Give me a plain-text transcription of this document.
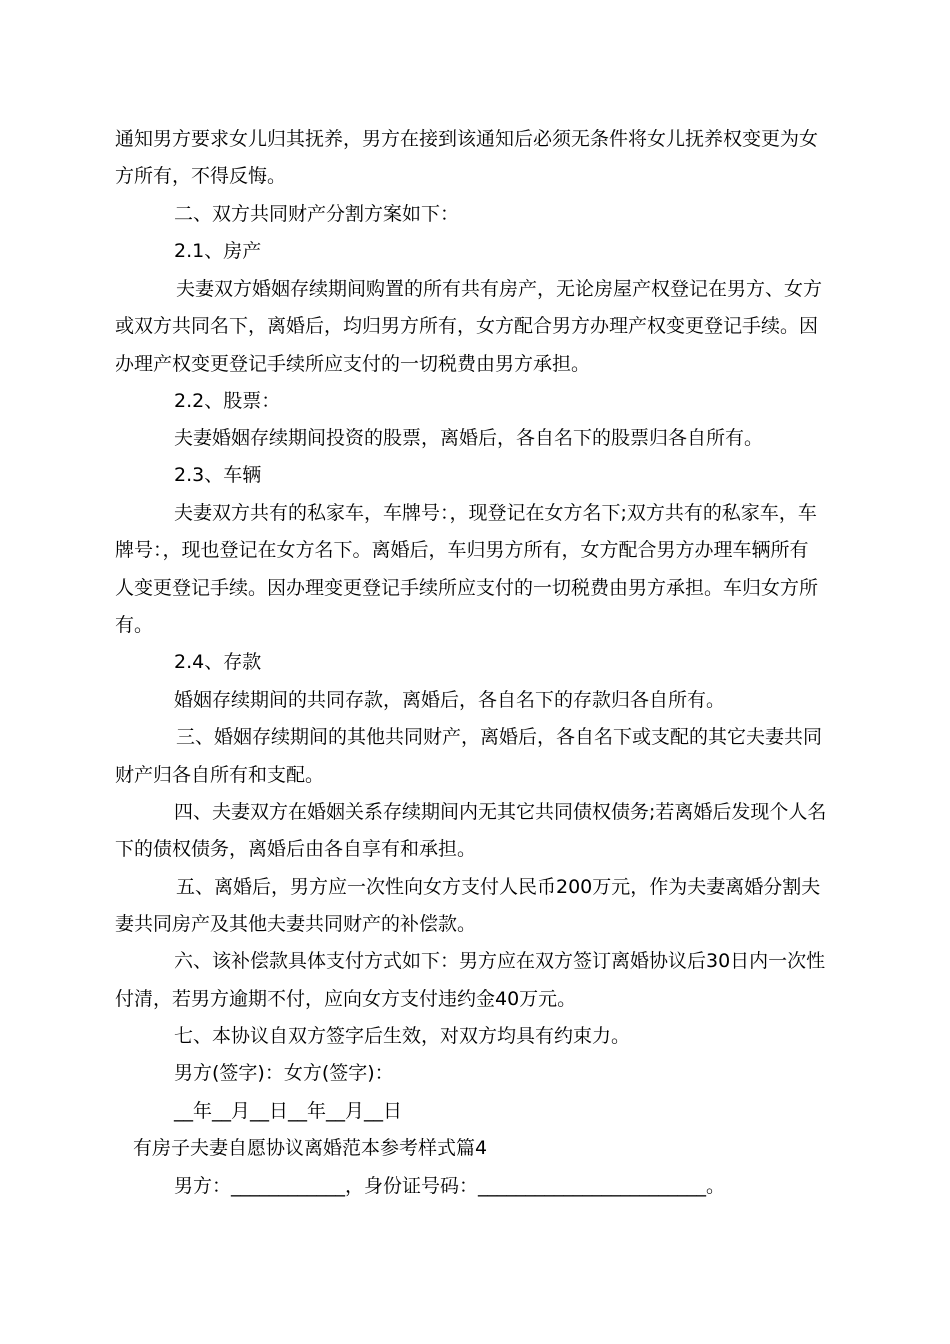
通知男方要求女儿归其抚养，男方在接到该通知后必须无条件将女儿抚养权变更为女
方所有，不得反悔。
二、双方共同财产分割方案如下：
2.1、房产
夫妻双方婚姻存续期间购置的所有共有房产，无论房屋产权登记在男方、女方
或双方共同名下，离婚后，均归男方所有，女方配合男方办理产权变更登记手续。因
办理产权变更登记手续所应支付的一切税费由男方承担。
2.2、股票：
夫妻婚姻存续期间投资的股票，离婚后，各自名下的股票归各自所有。
2.3、车辆
夫妻双方共有的私家车，车牌号：，现登记在女方名下;双方共有的私家车，车
牌号：，现也登记在女方名下。离婚后，车归男方所有，女方配合男方办理车辆所有
人变更登记手续。因办理变更登记手续所应支付的一切税费由男方承担。车归女方所
有。
2.4、存款
婚姻存续期间的共同存款，离婚后，各自名下的存款归各自所有。
三、婚姻存续期间的其他共同财产，离婚后，各自名下或支配的其它夫妻共同
财产归各自所有和支配。
四、夫妻双方在婚姻关系存续期间内无其它共同债权债务;若离婚后发现个人名
下的债权债务，离婚后由各自享有和承担。
五、离婚后，男方应一次性向女方支付人民币200万元，作为夫妻离婚分割夫
妻共同房产及其他夫妻共同财产的补偿款。
六、该补偿款具体支付方式如下：男方应在双方签订离婚协议后30日内一次性
付清，若男方逾期不付，应向女方支付违约金40万元。
七、本协议自双方签字后生效，对双方均具有约束力。
男方(签字)：女方(签字)：
__年__月__日__年__月__日
有房子夫妻自愿协议离婚范本参考样式篇4
男方：____________，身份证号码：________________________。
